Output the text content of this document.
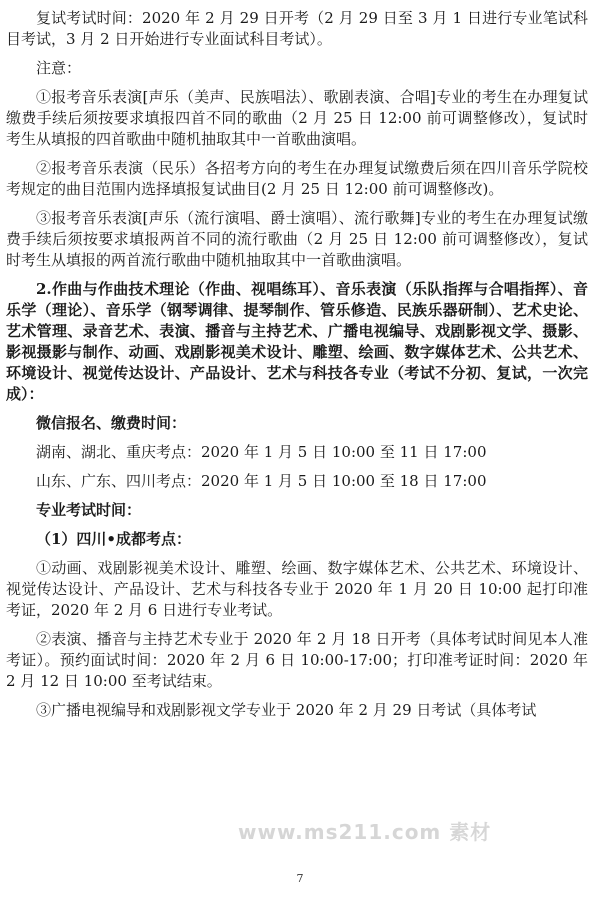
复试考试时间：2020 年 2 月 29 日开考（2 月 29 日至 3 月 1 日进行专业笔试科目考试，3 月 2 日开始进行专业面试科目考试）。

注意：

①报考音乐表演[声乐（美声、民族唱法）、歌剧表演、合唱]专业的考生在办理复试缴费手续后须按要求填报四首不同的歌曲（2 月 25 日 12:00 前可调整修改），复试时考生从填报的四首歌曲中随机抽取其中一首歌曲演唱。

②报考音乐表演（民乐）各招考方向的考生在办理复试缴费后须在四川音乐学院校考规定的曲目范围内选择填报复试曲目(2 月 25 日 12:00 前可调整修改)。

③报考音乐表演[声乐（流行演唱、爵士演唱）、流行歌舞]专业的考生在办理复试缴费手续后须按要求填报两首不同的流行歌曲（2 月 25 日 12:00 前可调整修改），复试时考生从填报的两首流行歌曲中随机抽取其中一首歌曲演唱。

2.作曲与作曲技术理论（作曲、视唱练耳）、音乐表演（乐队指挥与合唱指挥）、音乐学（理论）、音乐学（钢琴调律、提琴制作、管乐修造、民族乐器研制）、艺术史论、艺术管理、录音艺术、表演、播音与主持艺术、广播电视编导、戏剧影视文学、摄影、影视摄影与制作、动画、戏剧影视美术设计、雕塑、绘画、数字媒体艺术、公共艺术、环境设计、视觉传达设计、产品设计、艺术与科技各专业（考试不分初、复试，一次完成）：

微信报名、缴费时间：

湖南、湖北、重庆考点：2020 年 1 月 5 日 10:00 至 11 日 17:00

山东、广东、四川考点：2020 年 1 月 5 日 10:00 至 18 日 17:00

专业考试时间：

（1）四川•成都考点：

①动画、戏剧影视美术设计、雕塑、绘画、数字媒体艺术、公共艺术、环境设计、视觉传达设计、产品设计、艺术与科技各专业于 2020 年 1 月 20 日 10:00 起打印准考证，2020 年 2 月 6 日进行专业考试。

②表演、播音与主持艺术专业于 2020 年 2 月 18 日开考（具体考试时间见本人准考证）。预约面试时间：2020 年 2 月 6 日 10:00-17:00；打印准考证时间：2020 年 2 月 12 日 10:00 至考试结束。

③广播电视编导和戏剧影视文学专业于 2020 年 2 月 29 日考试（具体考试

www.ms211.com 素材
7
